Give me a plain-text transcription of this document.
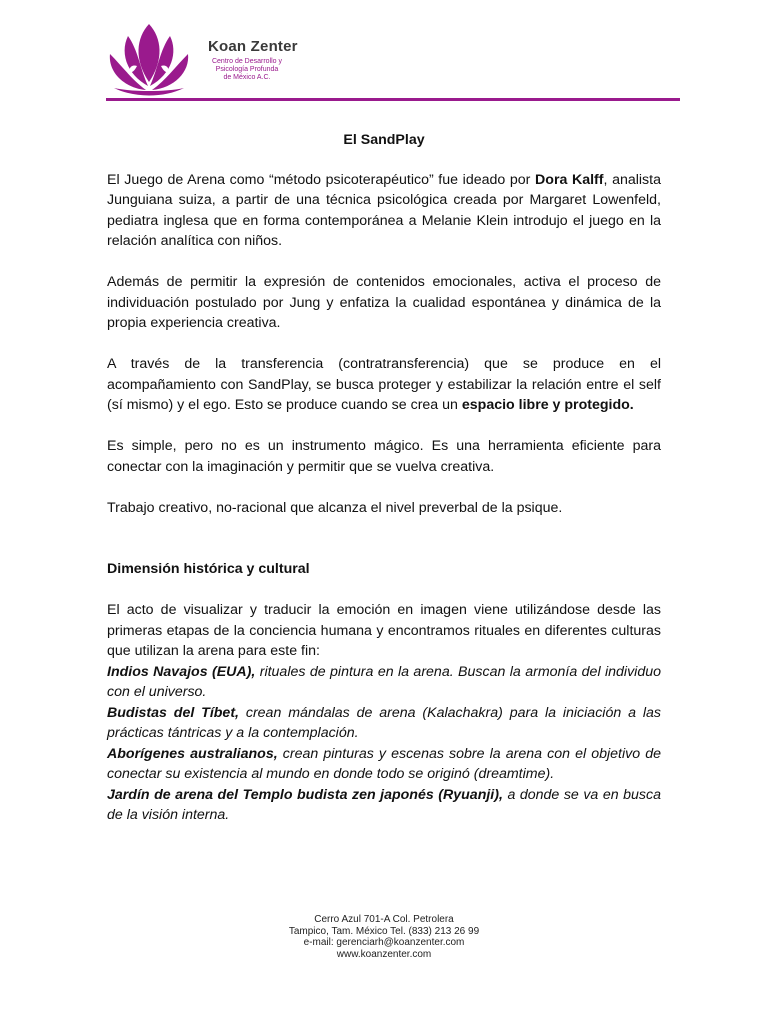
Koan Zenter
Centro de Desarrollo y
Psicología Profunda
de México A.C.
El SandPlay

El Juego de Arena como “método psicoterapéutico” fue ideado por Dora Kalff, analista Junguiana suiza, a partir de una técnica psicológica creada por Margaret Lowenfeld, pediatra inglesa que en forma contemporánea a Melanie Klein introdujo el juego en la relación analítica con niños.

Además de permitir la expresión de contenidos emocionales, activa el proceso de individuación postulado por Jung y enfatiza la cualidad espontánea y dinámica de la propia experiencia creativa.

A través de la transferencia (contratransferencia) que se produce en el acompañamiento con SandPlay, se busca proteger y estabilizar la relación entre el self (sí mismo) y el ego. Esto se produce cuando se crea un espacio libre y protegido.

Es simple, pero no es un instrumento mágico. Es una herramienta eficiente para conectar con la imaginación y permitir que se vuelva creativa.

Trabajo creativo, no-racional que alcanza el nivel preverbal de la psique.

Dimensión histórica y cultural

El acto de visualizar y traducir la emoción en imagen viene utilizándose desde las primeras etapas de la conciencia humana y encontramos rituales en diferentes culturas que utilizan la arena para este fin:

Indios Navajos (EUA), rituales de pintura en la arena. Buscan la armonía del individuo con el universo.
Budistas del Tíbet, crean mándalas de arena (Kalachakra) para la iniciación a las prácticas tántricas y a la contemplación.
Aborígenes australianos, crean pinturas y escenas sobre la arena con el objetivo de conectar su existencia al mundo en donde todo se originó (dreamtime).
Jardín de arena del Templo budista zen japonés (Ryuanji), a donde se va en busca de la visión interna.
Cerro Azul 701-A Col. Petrolera
Tampico, Tam. México Tel. (833) 213 26 99
e-mail: gerenciarh@koanzenter.com
www.koanzenter.com
